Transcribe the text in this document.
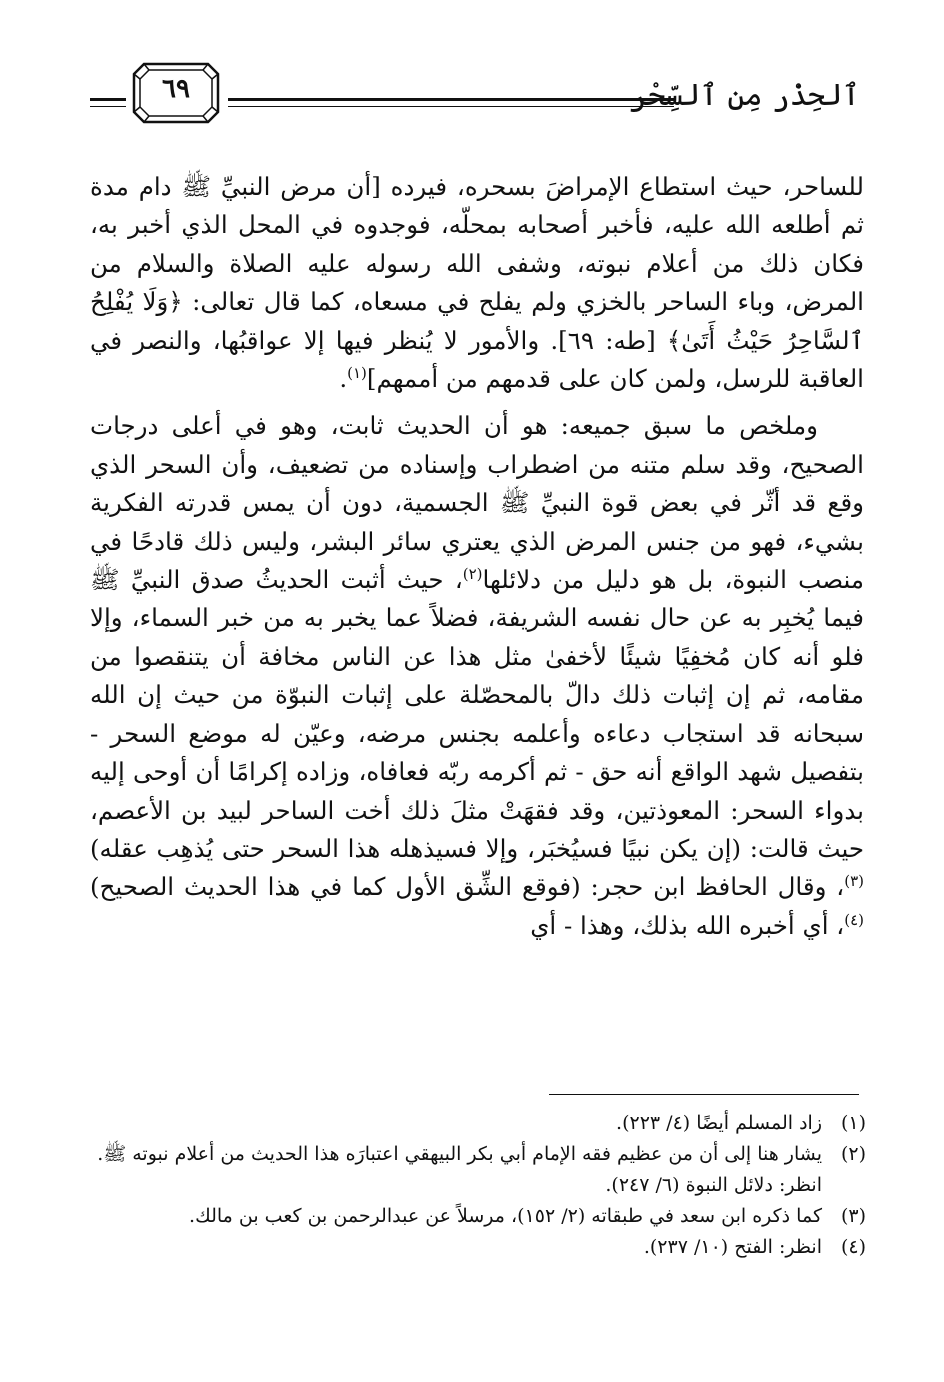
ٱلحِذْر مِن ٱلسِّحْر
٦٩

للساحر، حيث استطاع الإمراضَ بسحره، فيرده [أن مرض النبيِّ ﷺ دام مدة ثم أطلعه الله عليه، فأخبر أصحابه بمحلّه، فوجدوه في المحل الذي أخبر به، فكان ذلك من أعلام نبوته، وشفى الله رسوله عليه الصلاة والسلام من المرض، وباء الساحر بالخزي ولم يفلح في مسعاه، كما قال تعالى: ﴿وَلَا يُفْلِحُ ٱلسَّاحِرُ حَيْثُ أَتَىٰ﴾ [طه: ٦٩]. والأمور لا يُنظر فيها إلا عواقبُها، والنصر في العاقبة للرسل، ولمن كان على قدمهم من أممهم]$^{(١)}$.

وملخص ما سبق جميعه: هو أن الحديث ثابت، وهو في أعلى درجات الصحيح، وقد سلم متنه من اضطراب وإسناده من تضعيف، وأن السحر الذي وقع قد أثّر في بعض قوة النبيِّ ﷺ الجسمية، دون أن يمس قدرته الفكرية بشيء، فهو من جنس المرض الذي يعتري سائر البشر، وليس ذلك قادحًا في منصب النبوة، بل هو دليل من دلائلها$^{(٢)}$، حيث أثبت الحديثُ صدق النبيِّ ﷺ فيما يُخبِر به عن حال نفسه الشريفة، فضلاً عما يخبر به من خبر السماء، وإلا فلو أنه كان مُخفِيًا شيئًا لأخفىٰ مثل هذا عن الناس مخافة أن يتنقصوا من مقامه، ثم إن إثبات ذلك دالّ بالمحصّلة على إثبات النبوّة من حيث إن الله سبحانه قد استجاب دعاءه وأعلمه بجنس مرضه، وعيّن له موضع السحر - بتفصيل شهد الواقع أنه حق - ثم أكرمه ربّه فعافاه، وزاده إكرامًا أن أوحى إليه بدواء السحر: المعوذتين، وقد فقهَتْ مثلَ ذلك أخت الساحر لبيد بن الأعصم، حيث قالت: (إن يكن نبيًا فسيُخبَر، وإلا فسيذهله هذا السحر حتى يُذهِب عقله)$^{(٣)}$، وقال الحافظ ابن حجر: (فوقع الشِّق الأول كما في هذا الحديث الصحيح)$^{(٤)}$، أي أخبره الله بذلك، وهذا - أي

(١)
زاد المسلم أيضًا (٤/ ٢٢٣).
(٢)
يشار هنا إلى أن من عظيم فقه الإمام أبي بكر البيهقي اعتبارَه هذا الحديث من أعلام نبوته ﷺ. انظر: دلائل النبوة (٦/ ٢٤٧).
(٣)
كما ذكره ابن سعد في طبقاته (٢/ ١٥٢)، مرسلاً عن عبدالرحمن بن كعب بن مالك.
(٤)
انظر: الفتح (١٠/ ٢٣٧).
